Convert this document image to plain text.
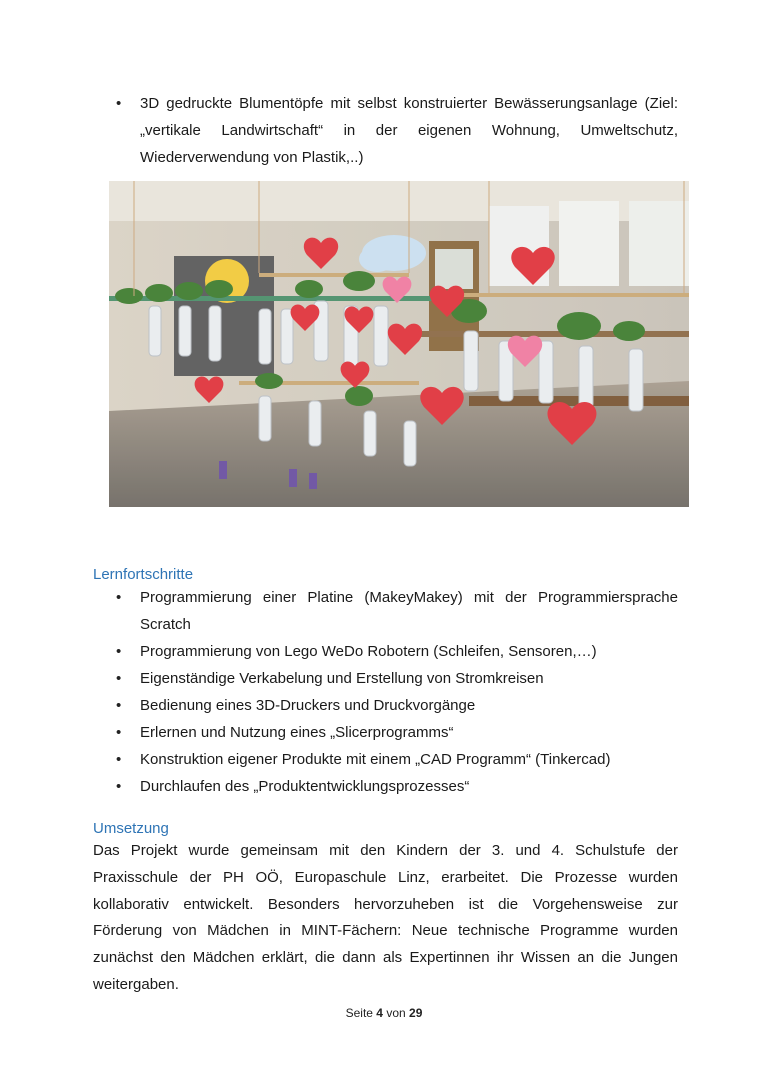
• 3D gedruckte Blumentöpfe mit selbst konstruierter Bewässerungsanlage (Ziel: „vertikale Landwirtschaft“ in der eigenen Wohnung, Umweltschutz, Wiederverwendung von Plastik,..)
Lernfortschritte
• Programmierung einer Platine (MakeyMakey) mit der Programmiersprache Scratch
• Programmierung von Lego WeDo Robotern (Schleifen, Sensoren,…)
• Eigenständige Verkabelung und Erstellung von Stromkreisen
• Bedienung eines 3D-Druckers und Druckvorgänge
• Erlernen und Nutzung eines „Slicerprogramms“
• Konstruktion eigener Produkte mit einem „CAD Programm“ (Tinkercad)
• Durchlaufen des „Produktentwicklungsprozesses“
Umsetzung

Das Projekt wurde gemeinsam mit den Kindern der 3. und 4. Schulstufe der Praxisschule der PH OÖ, Europaschule Linz, erarbeitet. Die Prozesse wurden kollaborativ entwickelt. Besonders hervorzuheben ist die Vorgehensweise zur Förderung von Mädchen in MINT-Fächern: Neue technische Programme wurden zunächst den Mädchen erklärt, die dann als Expertinnen ihr Wissen an die Jungen weitergaben.

Seite 4 von 29
